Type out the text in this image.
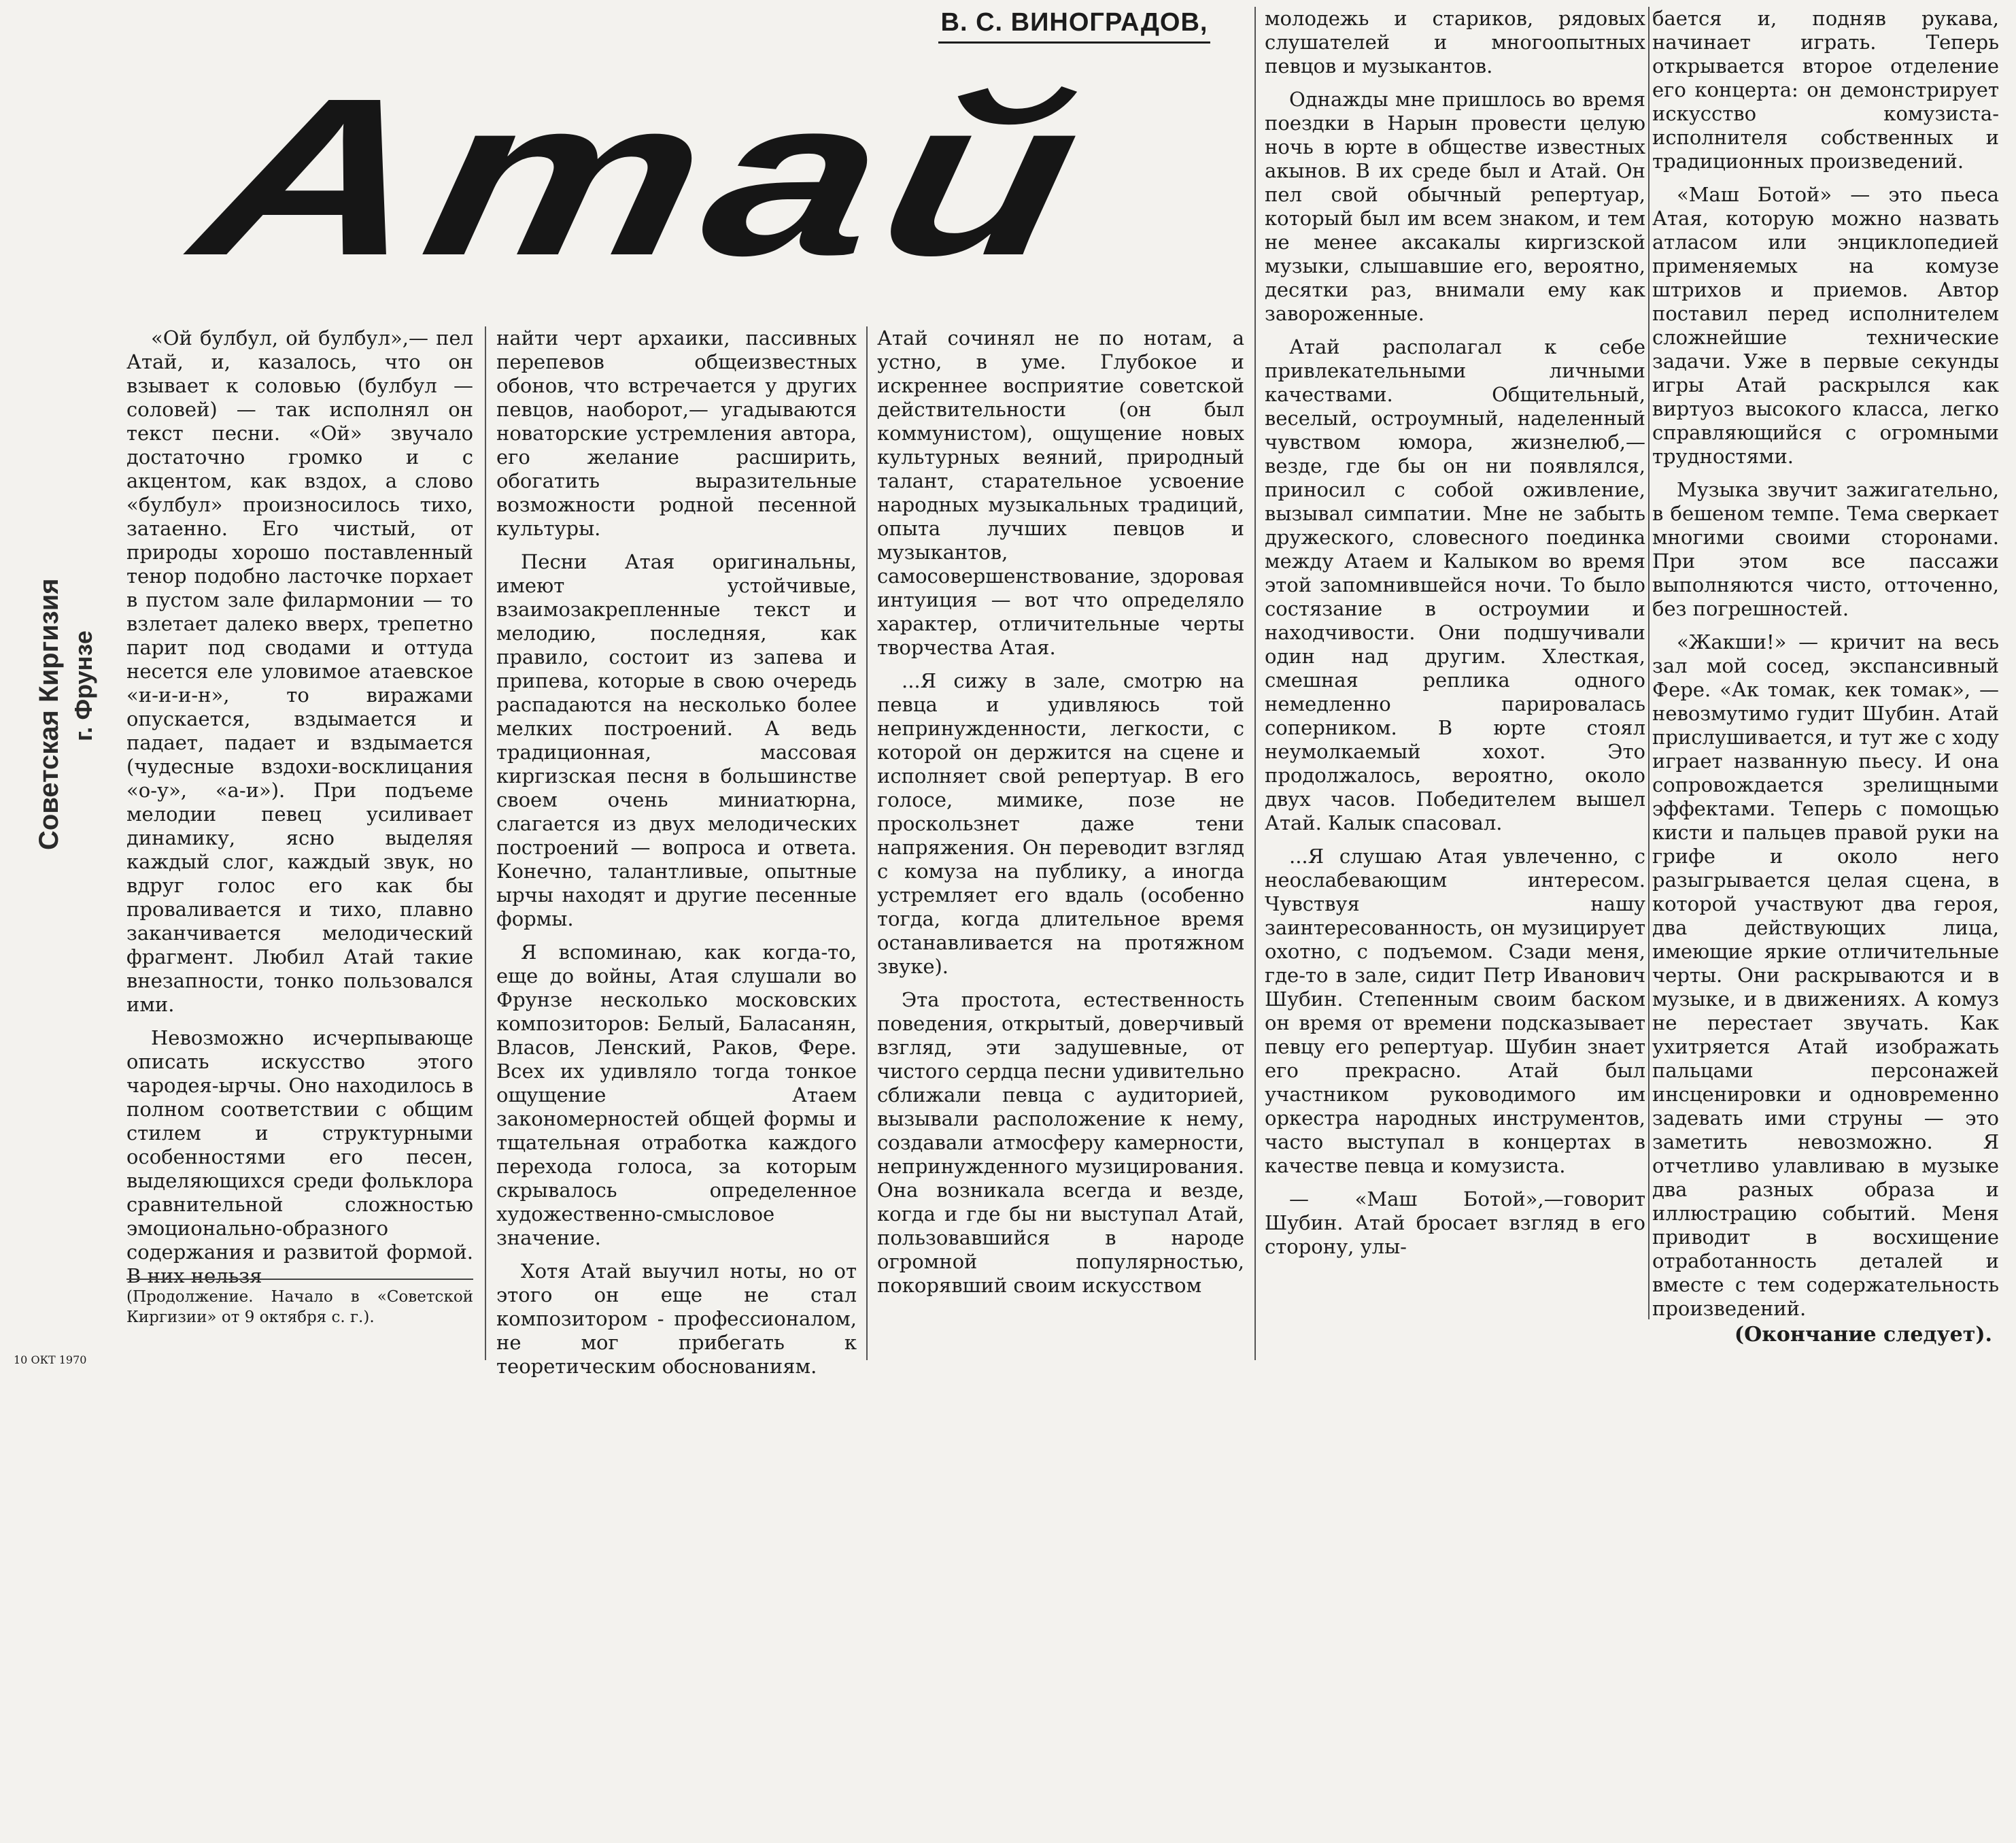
Советская Киргизия г. Фрунзе
10 ОКТ 1970
В. С. ВИНОГРАДОВ,
Атай

«Ой булбул, ой булбул»,— пел Атай, и, казалось, что он взывает к соловью (булбул —соловей) — так исполнял он текст песни. «Ой» звучало достаточно громко и с акцентом, как вздох, а слово «булбул» произносилось тихо, затаенно. Его чистый, от природы хорошо поставленный тенор подобно ласточке порхает в пустом зале филармонии — то взлетает далеко вверх, трепетно парит под сводами и оттуда несется еле уловимое атаевское «и-и-и-н», то виражами опускается, вздымается и падает, падает и вздымается (чудесные вздохи-восклицания «о-у», «а-и»). При подъеме мелодии певец усиливает динамику, ясно выделяя каждый слог, каждый звук, но вдруг голос его как бы проваливается и тихо, плавно заканчивается мелодический фрагмент. Любил Атай такие внезапности, тонко пользовался ими.

Невозможно исчерпывающе описать искусство этого чародея-ырчы. Оно находилось в полном соответствии с общим стилем и структурными особенностями его песен, выделяющихся среди фольклора сравнительной сложностью эмоционально-образного содержания и развитой формой. В них нельзя

найти черт архаики, пассивных перепевов общеизвестных обонов, что встречается у других певцов, наоборот,— угадываются новаторские устремления автора, его желание расширить, обогатить выразительные возможности родной песенной культуры.

Песни Атая оригинальны, имеют устойчивые, взаимозакрепленные текст и мелодию, последняя, как правило, состоит из запева и припева, которые в свою очередь распадаются на несколько более мелких построений. А ведь традиционная, массовая киргизская песня в большинстве своем очень миниатюрна, слагается из двух мелодических построений — вопроса и ответа. Конечно, талантливые, опытные ырчы находят и другие песенные формы.

Я вспоминаю, как когда-то, еще до войны, Атая слушали во Фрунзе несколько московских композиторов: Белый, Баласанян, Власов, Ленский, Раков, Фере. Всех их удивляло тогда тонкое ощущение Атаем закономерностей общей формы и тщательная отработка каждого перехода голоса, за которым скрывалось определенное художественно-смысловое значение.

Хотя Атай выучил ноты, но от этого он еще не стал композитором - профессионалом, не мог прибегать к теоретическим обоснованиям.

Атай сочинял не по нотам, а устно, в уме. Глубокое и искреннее восприятие советской действительности (он был коммунистом), ощущение новых культурных веяний, природный талант, старательное усвоение народных музыкальных традиций, опыта лучших певцов и музыкантов, самосовершенствование, здоровая интуиция — вот что определяло характер, отличительные черты творчества Атая.

...Я сижу в зале, смотрю на певца и удивляюсь той непринужденности, легкости, с которой он держится на сцене и исполняет свой репертуар. В его голосе, мимике, позе не проскользнет даже тени напряжения. Он переводит взгляд с комуза на публику, а иногда устремляет его вдаль (особенно тогда, когда длительное время останавливается на протяжном звуке).

Эта простота, естественность поведения, открытый, доверчивый взгляд, эти задушевные, от чистого сердца песни удивительно сближали певца с аудиторией, вызывали расположение к нему, создавали атмосферу камерности, непринужденного музицирования. Она возникала всегда и везде, когда и где бы ни выступал Атай, пользовавшийся в народе огромной популярностью, покорявший своим искусством

молодежь и стариков, рядовых слушателей и многоопытных певцов и музыкантов.

Однажды мне пришлось во время поездки в Нарын провести целую ночь в юрте в обществе известных акынов. В их среде был и Атай. Он пел свой обычный репертуар, который был им всем знаком, и тем не менее аксакалы киргизской музыки, слышавшие его, вероятно, десятки раз, внимали ему как завороженные.

Атай располагал к себе привлекательными личными качествами. Общительный, веселый, остроумный, наделенный чувством юмора, жизнелюб,—везде, где бы он ни появлялся, приносил с собой оживление, вызывал симпатии. Мне не забыть дружеского, словесного поединка между Атаем и Калыком во время этой запомнившейся ночи. То было состязание в остроумии и находчивости. Они подшучивали один над другим. Хлесткая, смешная реплика одного немедленно парировалась соперником. В юрте стоял неумолкаемый хохот. Это продолжалось, вероятно, около двух часов. Победителем вышел Атай. Калык спасовал.

...Я слушаю Атая увлеченно, с неослабевающим интересом. Чувствуя нашу заинтересованность, он музицирует охотно, с подъемом. Сзади меня, где-то в зале, сидит Петр Иванович Шубин. Степенным своим баском он время от времени подсказывает певцу его репертуар. Шубин знает его прекрасно. Атай был участником руководимого им оркестра народных инструментов, часто выступал в концертах в качестве певца и комузиста.

— «Маш Ботой»,—говорит Шубин. Атай бросает взгляд в его сторону, улы-

бается и, подняв рукава, начинает играть. Теперь открывается второе отделение его концерта: он демонстрирует искусство комузиста-исполнителя собственных и традиционных произведений.

«Маш Ботой» — это пьеса Атая, которую можно назвать атласом или энциклопедией применяемых на комузе штрихов и приемов. Автор поставил перед исполнителем сложнейшие технические задачи. Уже в первые секунды игры Атай раскрылся как виртуоз высокого класса, легко справляющийся с огромными трудностями.

Музыка звучит зажигательно, в бешеном темпе. Тема сверкает многими своими сторонами. При этом все пассажи выполняются чисто, отточенно, без погрешностей.

«Жакши!» — кричит на весь зал мой сосед, экспансивный Фере. «Ак томак, кек томак», — невозмутимо гудит Шубин. Атай прислушивается, и тут же с ходу играет названную пьесу. И она сопровождается зрелищными эффектами. Теперь с помощью кисти и пальцев правой руки на грифе и около него разыгрывается целая сцена, в которой участвуют два героя, два действующих лица, имеющие яркие отличительные черты. Они раскрываются и в музыке, и в движениях. А комуз не перестает звучать. Как ухитряется Атай изображать пальцами персонажей инсценировки и одновременно задевать ими струны — это заметить невозможно. Я отчетливо улавливаю в музыке два разных образа и иллюстрацию событий. Меня приводит в восхищение отработанность деталей и вместе с тем содержательность произведений.

(Продолжение. Начало в «Советской Киргизии» от 9 октября с. г.).
(Окончание следует).
